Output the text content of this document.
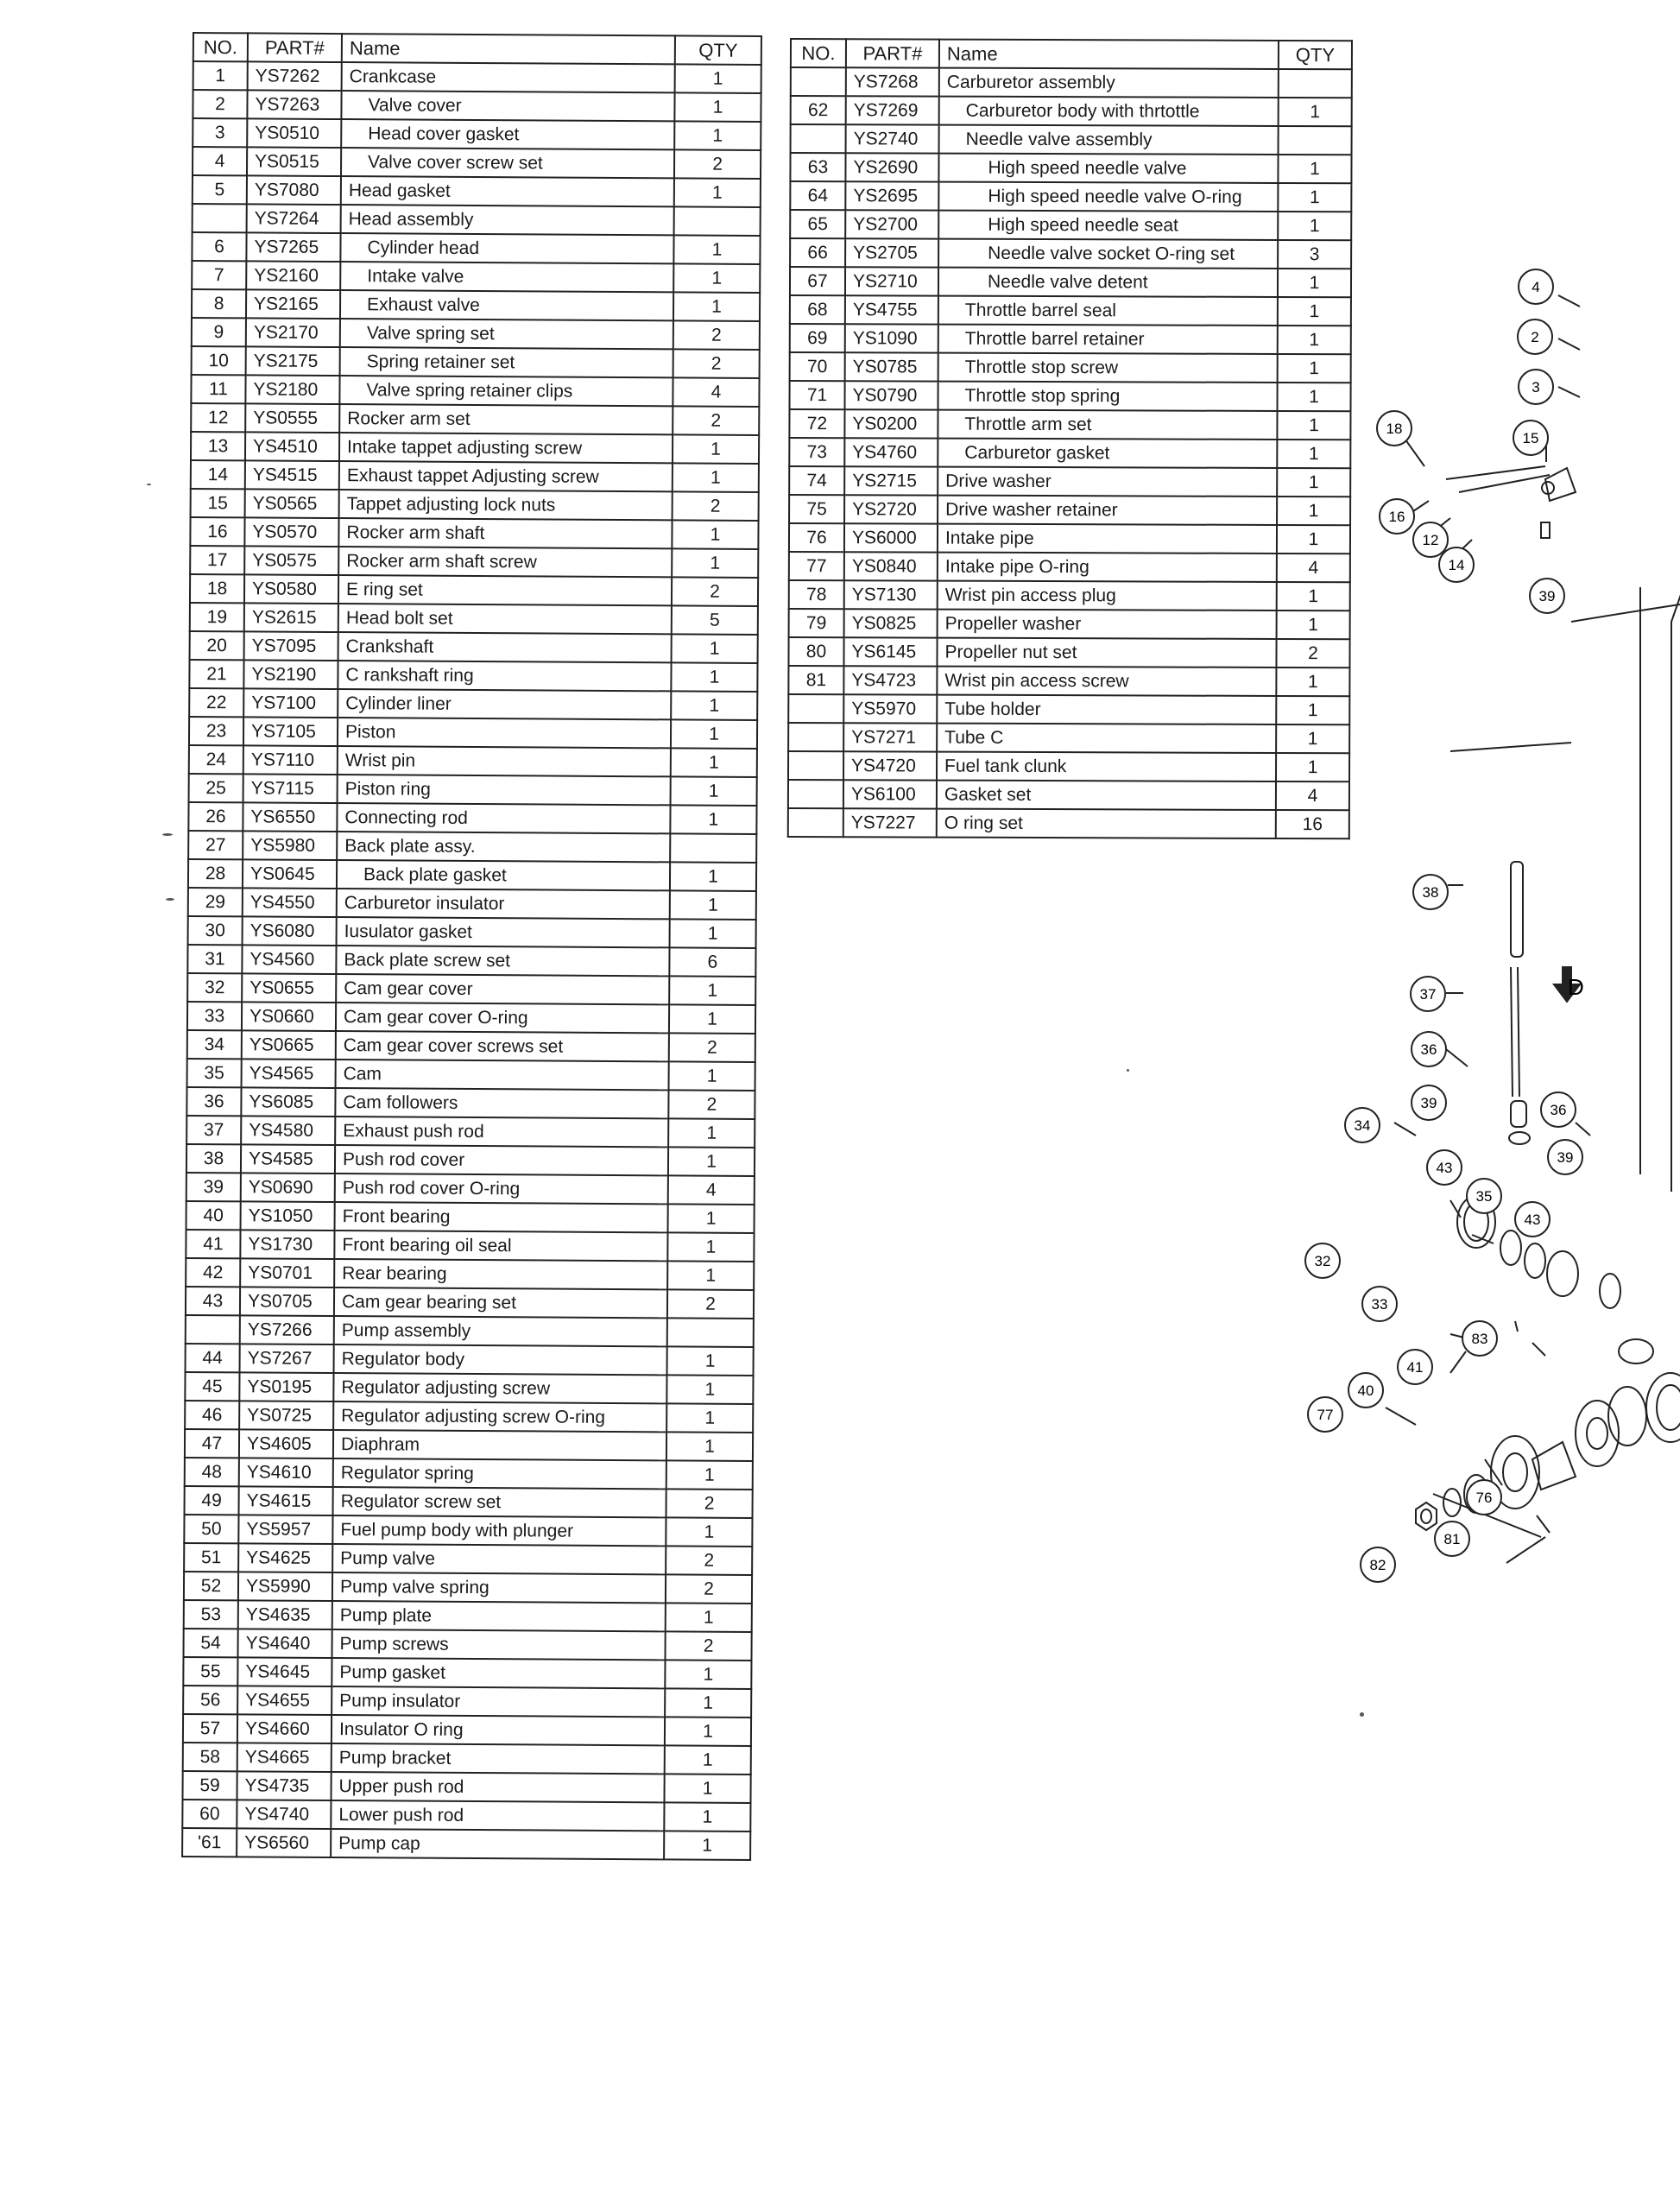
NO.	PART#	Name	QTY
1	YS7262	Crankcase	1
2	YS7263	Valve cover	1
3	YS0510	Head cover gasket	1
4	YS0515	Valve cover screw set	2
5	YS7080	Head gasket	1
	YS7264	Head assembly	
6	YS7265	Cylinder head	1
7	YS2160	Intake valve	1
8	YS2165	Exhaust valve	1
9	YS2170	Valve spring set	2
10	YS2175	Spring retainer set	2
11	YS2180	Valve spring retainer clips	4
12	YS0555	Rocker arm set	2
13	YS4510	Intake tappet adjusting screw	1
14	YS4515	Exhaust tappet Adjusting screw	1
15	YS0565	Tappet adjusting lock nuts	2
16	YS0570	Rocker arm shaft	1
17	YS0575	Rocker arm shaft screw	1
18	YS0580	E ring set	2
19	YS2615	Head bolt set	5
20	YS7095	Crankshaft	1
21	YS2190	C rankshaft ring	1
22	YS7100	Cylinder liner	1
23	YS7105	Piston	1
24	YS7110	Wrist pin	1
25	YS7115	Piston ring	1
26	YS6550	Connecting rod	1
27	YS5980	Back plate assy.	
28	YS0645	Back plate gasket	1
29	YS4550	Carburetor insulator	1
30	YS6080	Iusulator gasket	1
31	YS4560	Back plate screw set	6
32	YS0655	Cam gear cover	1
33	YS0660	Cam gear cover O-ring	1
34	YS0665	Cam gear cover screws set	2
35	YS4565	Cam	1
36	YS6085	Cam followers	2
37	YS4580	Exhaust push rod	1
38	YS4585	Push rod cover	1
39	YS0690	Push rod cover O-ring	4
40	YS1050	Front bearing	1
41	YS1730	Front bearing oil seal	1
42	YS0701	Rear bearing	1
43	YS0705	Cam gear bearing set	2
	YS7266	Pump assembly	
44	YS7267	Regulator body	1
45	YS0195	Regulator adjusting screw	1
46	YS0725	Regulator adjusting screw O-ring	1
47	YS4605	Diaphram	1
48	YS4610	Regulator spring	1
49	YS4615	Regulator screw set	2
50	YS5957	Fuel pump body with plunger	1
51	YS4625	Pump valve	2
52	YS5990	Pump valve spring	2
53	YS4635	Pump plate	1
54	YS4640	Pump screws	2
55	YS4645	Pump gasket	1
56	YS4655	Pump insulator	1
57	YS4660	Insulator O ring	1
58	YS4665	Pump bracket	1
59	YS4735	Upper push rod	1
60	YS4740	Lower push rod	1
'61	YS6560	Pump cap	1
NO.	PART#	Name	QTY
	YS7268	Carburetor assembly	
62	YS7269	Carburetor body with thrtottle	1
	YS2740	Needle valve assembly	
63	YS2690	High speed needle valve	1
64	YS2695	High speed needle valve O-ring	1
65	YS2700	High speed needle seat	1
66	YS2705	Needle valve socket O-ring set	3
67	YS2710	Needle valve detent	1
68	YS4755	Throttle barrel seal	1
69	YS1090	Throttle barrel retainer	1
70	YS0785	Throttle stop screw	1
71	YS0790	Throttle stop spring	1
72	YS0200	Throttle arm set	1
73	YS4760	Carburetor gasket	1
74	YS2715	Drive washer	1
75	YS2720	Drive washer retainer	1
76	YS6000	Intake pipe	1
77	YS0840	Intake pipe O-ring	4
78	YS7130	Wrist pin access plug	1
79	YS0825	Propeller washer	1
80	YS6145	Propeller nut set	2
81	YS4723	Wrist pin access screw	1
	YS5970	Tube holder	1
	YS7271	Tube C	1
	YS4720	Fuel tank clunk	1
	YS6100	Gasket set	4
	YS7227	O ring set	16
4
2
3
15
18
16
12
14
39
38
37
36
39	36
39
34
43
35
43
32
33
83
41
40
77
76
81
82
D
